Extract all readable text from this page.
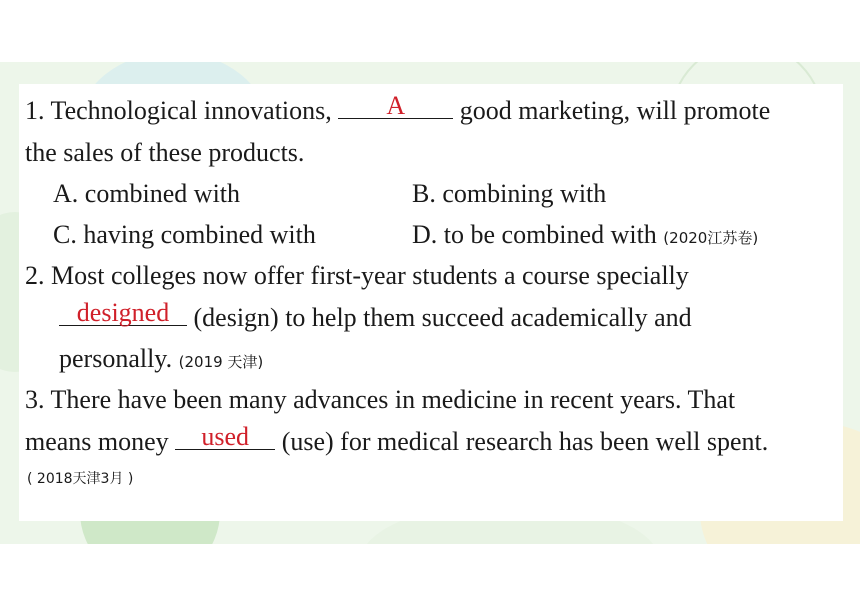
1. Technological innovations,	A	good marketing, will promote
the sales of these products.
A. combined with	B. combining with
C. having combined with	D. to be combined with (2020江苏卷)
2. Most colleges now offer first-year students a course specially
designed (design) to help them succeed academically and
personally. (2019 天津)
3. There have been many advances in medicine in recent years. That
means money	used	(use) for medical research has been well spent.
( 2018天津3月 )
